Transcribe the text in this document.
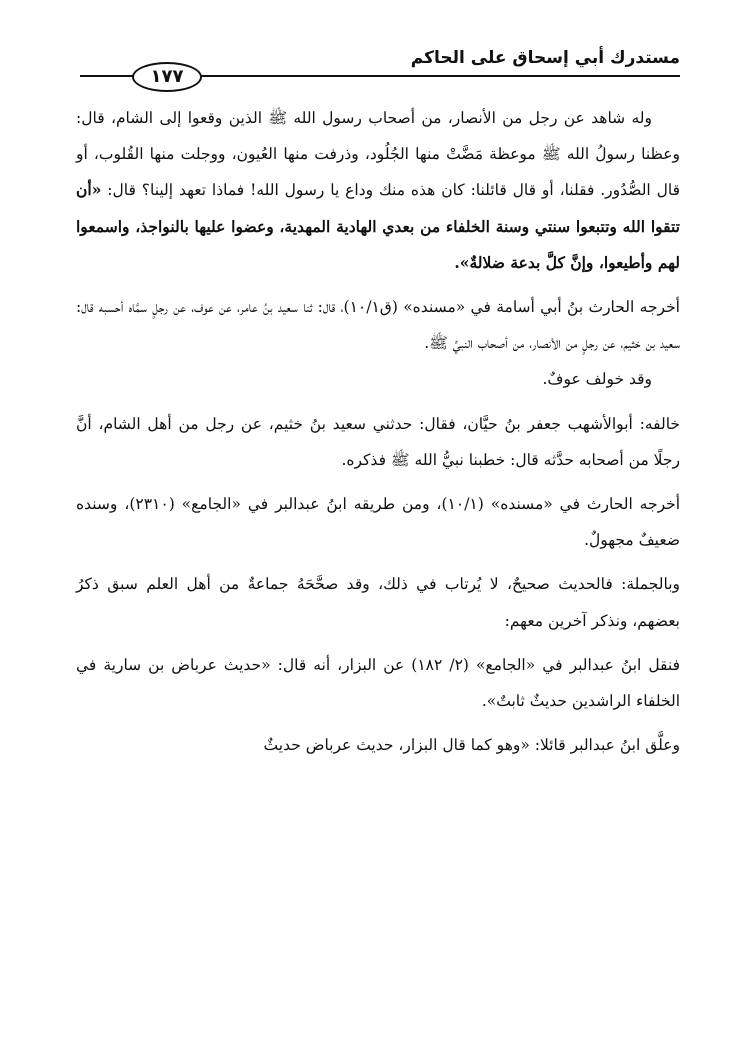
مستدرك أبي إسحاق على الحاكم
١٧٧

وله شاهد عن رجل من الأنصار، من أصحاب رسول الله ﷺ الذين وقعوا إلى الشام، قال: وعظنا رسولُ الله ﷺ موعظة مَضَّتْ منها الجُلُود، وذرفت منها العُيون، ووجلت منها القُلوب، أو قال الصُّدُور. فقلنا، أو قال قائلنا: كان هذه منك وداع يا رسول الله! فماذا تعهد إلينا؟ قال: «أن تتقوا الله وتتبعوا سنتي وسنة الخلفاء من بعدي الهادية المهدية، وعضوا عليها بالنواجذ، واسمعوا لهم وأطيعوا، وإنَّ كلَّ بدعة ضلالةٌ».

أخرجه الحارث بنُ أبي أسامة في «مسنده» (ق١٠/١)، قال: ثنا سعيد بنُ عامر، عن عوف، عن رجلٍ سمَّاه أحسبه قال: سعيد بن خثيم، عن رجلٍ من الأنصار، من أصحاب النبيِّ ﷺ.

وقد خولف عوفٌ.

خالفه: أبوالأشهب جعفر بنُ حيَّان، فقال: حدثني سعيد بنُ خثيم، عن رجل من أهل الشام، أنَّ رجلًا من أصحابه حدَّثه قال: خطبنا نبيُّ الله ﷺ فذكره.

أخرجه الحارث في «مسنده» (١٠/١)، ومن طريقه ابنُ عبدالبر في «الجامع» (٢٣١٠)، وسنده ضعيفٌ مجهولٌ.

وبالجملة: فالحديث صحيحٌ، لا يُرتاب في ذلك، وقد صحَّحَهُ جماعةٌ من أهل العلم سبق ذكرُ بعضهم، ونذكر آخرين معهم:

فنقل ابنُ عبدالبر في «الجامع» (٢/ ١٨٢) عن البزار، أنه قال: «حديث عرباض بن سارية في الخلفاء الراشدين حديثٌ ثابتٌ».

وعلَّق ابنُ عبدالبر قائلا: «وهو كما قال البزار، حديث عرباض حديثٌ
